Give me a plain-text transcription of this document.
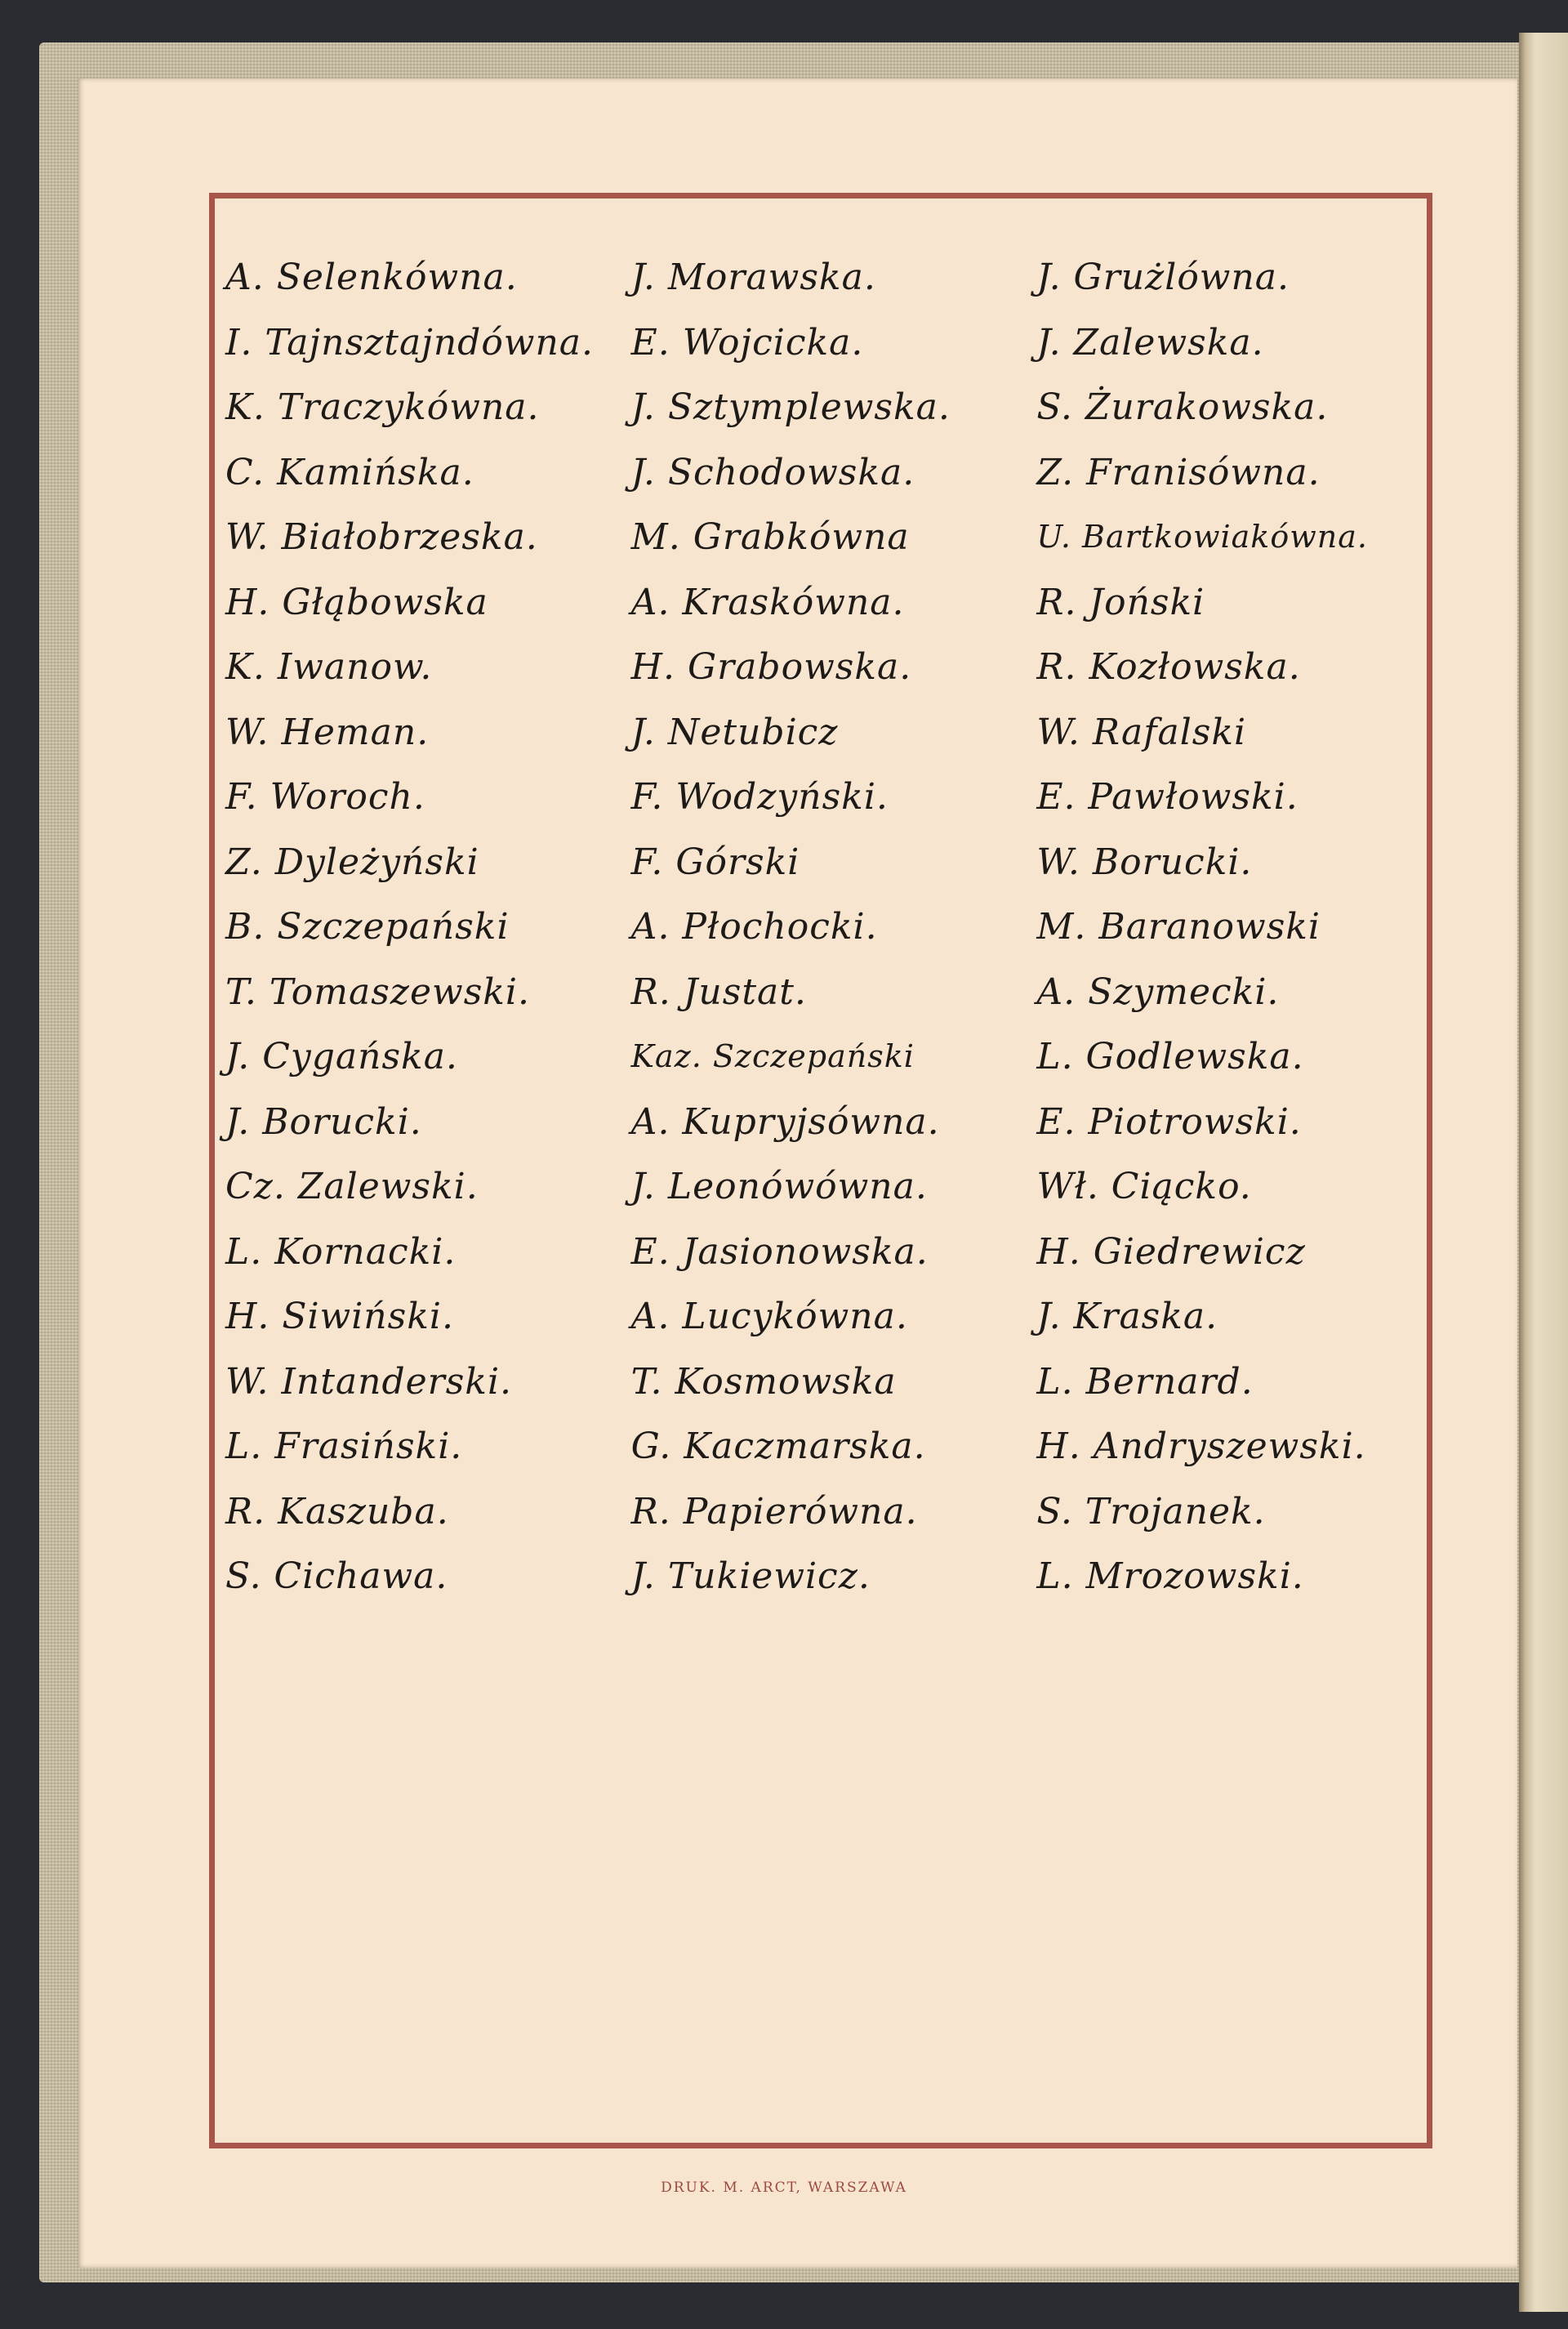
A. Selenkówna.
I. Tajnsztajndówna.
K. Traczykówna.
C. Kamińska.
W. Białobrzeska.
H. Głąbowska
K. Iwanow.
W. Heman.
F. Woroch.
Z. Dyleżyński
B. Szczepański
T. Tomaszewski.
J. Cygańska.
J. Borucki.
Cz. Zalewski.
L. Kornacki.
H. Siwiński.
W. Intanderski.
L. Frasiński.
R. Kaszuba.
S. Cichawa.
J. Morawska.
E. Wojcicka.
J. Sztymplewska.
J. Schodowska.
M. Grabkówna
A. Kraskówna.
H. Grabowska.
J. Netubicz
F. Wodzyński.
F. Górski
A. Płochocki.
R. Justat.
Kaz. Szczepański
A. Kupryjsówna.
J. Leonówówna.
E. Jasionowska.
A. Lucykówna.
T. Kosmowska
G. Kaczmarska.
R. Papierówna.
J. Tukiewicz.
J. Grużlówna.
J. Zalewska.
S. Żurakowska.
Z. Franisówna.
U. Bartkowiakówna.
R. Joński
R. Kozłowska.
W. Rafalski
E. Pawłowski.
W. Borucki.
M. Baranowski
A. Szymecki.
L. Godlewska.
E. Piotrowski.
Wł. Ciącko.
H. Giedrewicz
J. Kraska.
L. Bernard.
H. Andryszewski.
S. Trojanek.
L. Mrozowski.
DRUK. M. ARCT, WARSZAWA
